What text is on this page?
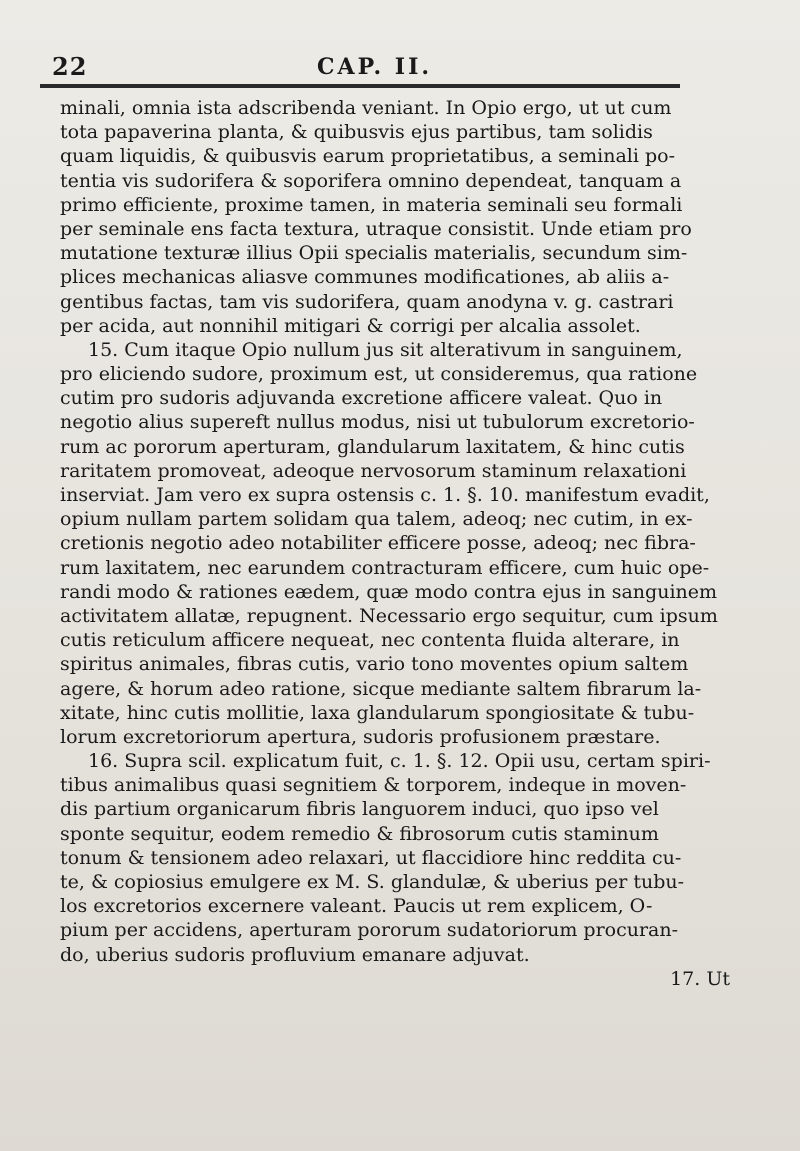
22	CAP. II.
minali, omnia ista adscribenda veniant. In Opio ergo, ut ut cum
tota papaverina planta, & quibusvis ejus partibus, tam solidis
quam liquidis, & quibusvis earum proprietatibus, a seminali po-
tentia vis sudorifera & soporifera omnino dependeat, tanquam a
primo efficiente, proxime tamen, in materia seminali seu formali
per seminale ens facta textura, utraque consistit. Unde etiam pro
mutatione texturæ illius Opii specialis materialis, secundum sim-
plices mechanicas aliasve communes modificationes, ab aliis a-
gentibus factas, tam vis sudorifera, quam anodyna v. g. castrari
per acida, aut nonnihil mitigari & corrigi per alcalia assolet.
15. Cum itaque Opio nullum jus sit alterativum in sanguinem,
pro eliciendo sudore, proximum est, ut consideremus, qua ratione
cutim pro sudoris adjuvanda excretione afficere valeat. Quo in
negotio alius supereft nullus modus, nisi ut tubulorum excretorio-
rum ac pororum aperturam, glandularum laxitatem, & hinc cutis
raritatem promoveat, adeoque nervosorum staminum relaxationi
inserviat. Jam vero ex supra ostensis c. 1. §. 10. manifestum evadit,
opium nullam partem solidam qua talem, adeoq; nec cutim, in ex-
cretionis negotio adeo notabiliter efficere posse, adeoq; nec fibra-
rum laxitatem, nec earundem contracturam efficere, cum huic ope-
randi modo & rationes eædem, quæ modo contra ejus in sanguinem
activitatem allatæ, repugnent. Necessario ergo sequitur, cum ipsum
cutis reticulum afficere nequeat, nec contenta fluida alterare, in
spiritus animales, fibras cutis, vario tono moventes opium saltem
agere, & horum adeo ratione, sicque mediante saltem fibrarum la-
xitate, hinc cutis mollitie, laxa glandularum spongiositate & tubu-
lorum excretoriorum apertura, sudoris profusionem præstare.
16. Supra scil. explicatum fuit, c. 1. §. 12. Opii usu, certam spiri-
tibus animalibus quasi segnitiem & torporem, indeque in moven-
dis partium organicarum fibris languorem induci, quo ipso vel
sponte sequitur, eodem remedio & fibrosorum cutis staminum
tonum & tensionem adeo relaxari, ut flaccidiore hinc reddita cu-
te, & copiosius emulgere ex M. S. glandulæ, & uberius per tubu-
los excretorios excernere valeant. Paucis ut rem explicem, O-
pium per accidens, aperturam pororum sudatoriorum procuran-
do, uberius sudoris profluvium emanare adjuvat.
17. Ut
